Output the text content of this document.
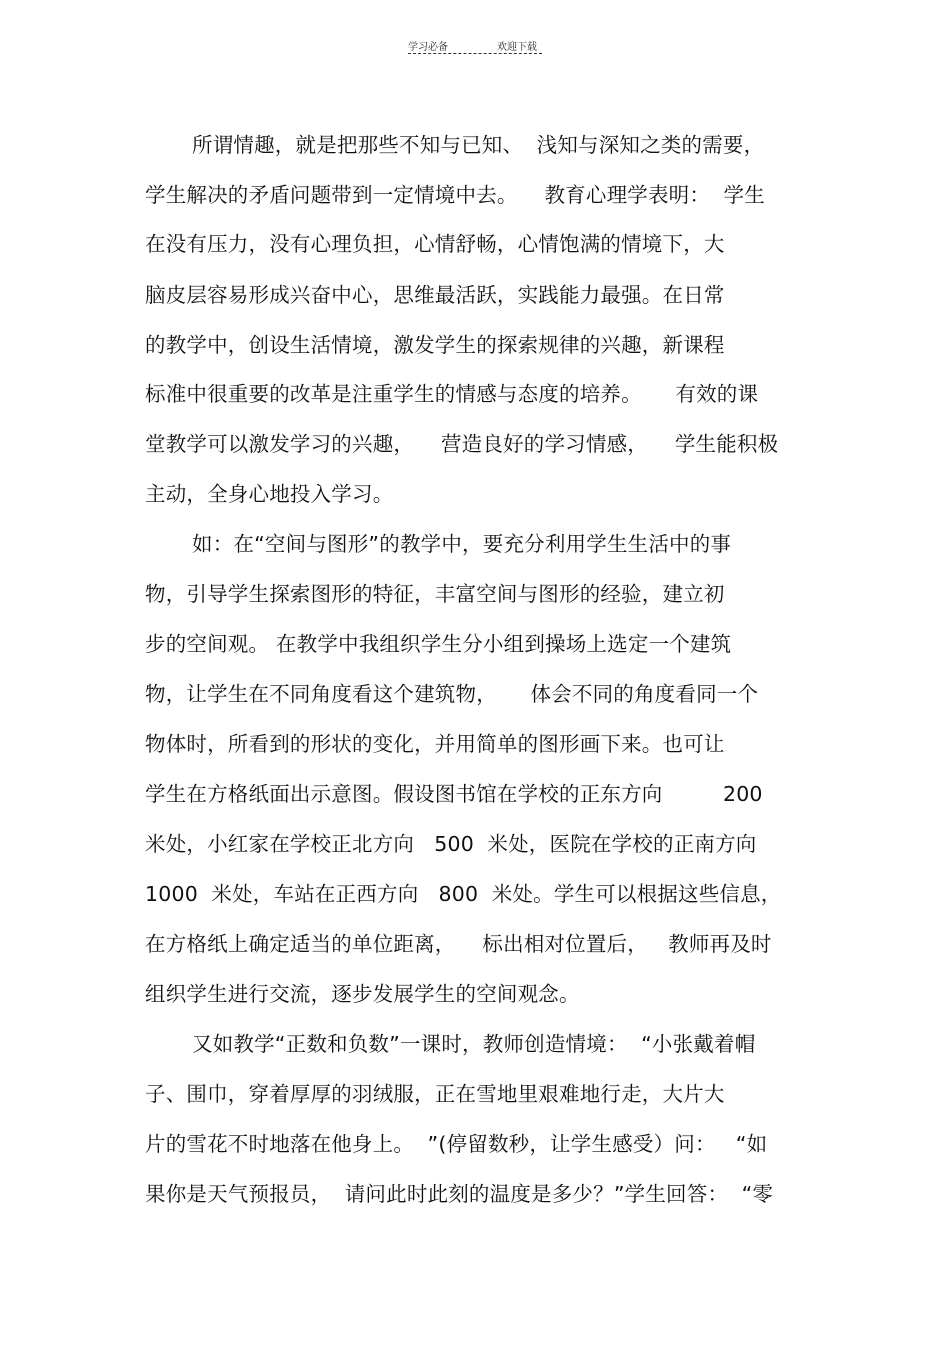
学习必备	欢迎下载
所谓情趣，就是把那些不知与已知、  浅知与深知之类的需要，
学生解决的矛盾问题带到一定情境中去。    教育心理学表明：  学生
在没有压力，没有心理负担，心情舒畅，心情饱满的情境下，大
脑皮层容易形成兴奋中心，思维最活跃，实践能力最强。在日常
的教学中，创设生活情境，激发学生的探索规律的兴趣，新课程
标准中很重要的改革是注重学生的情感与态度的培养。     有效的课
堂教学可以激发学习的兴趣，    营造良好的学习情感，    学生能积极
主动，全身心地投入学习。
如：在“空间与图形”的教学中，要充分利用学生生活中的事
物，引导学生探索图形的特征，丰富空间与图形的经验，建立初
步的空间观。 在教学中我组织学生分小组到操场上选定一个建筑
物，让学生在不同角度看这个建筑物，     体会不同的角度看同一个
物体时，所看到的形状的变化，并用简单的图形画下来。也可让
学生在方格纸面出示意图。假设图书馆在学校的正东方向         200
米处，小红家在学校正北方向   500  米处，医院在学校的正南方向
1000  米处，车站在正西方向   800  米处。学生可以根据这些信息，
在方格纸上确定适当的单位距离，    标出相对位置后，   教师再及时
组织学生进行交流，逐步发展学生的空间观念。
又如教学“正数和负数”一课时，教师创造情境：  “小张戴着帽
子、围巾，穿着厚厚的羽绒服，正在雪地里艰难地行走，大片大
片的雪花不时地落在他身上。  ”(停留数秒，让学生感受）问：   “如
果你是天气预报员，  请问此时此刻的温度是多少？”学生回答：  “零
